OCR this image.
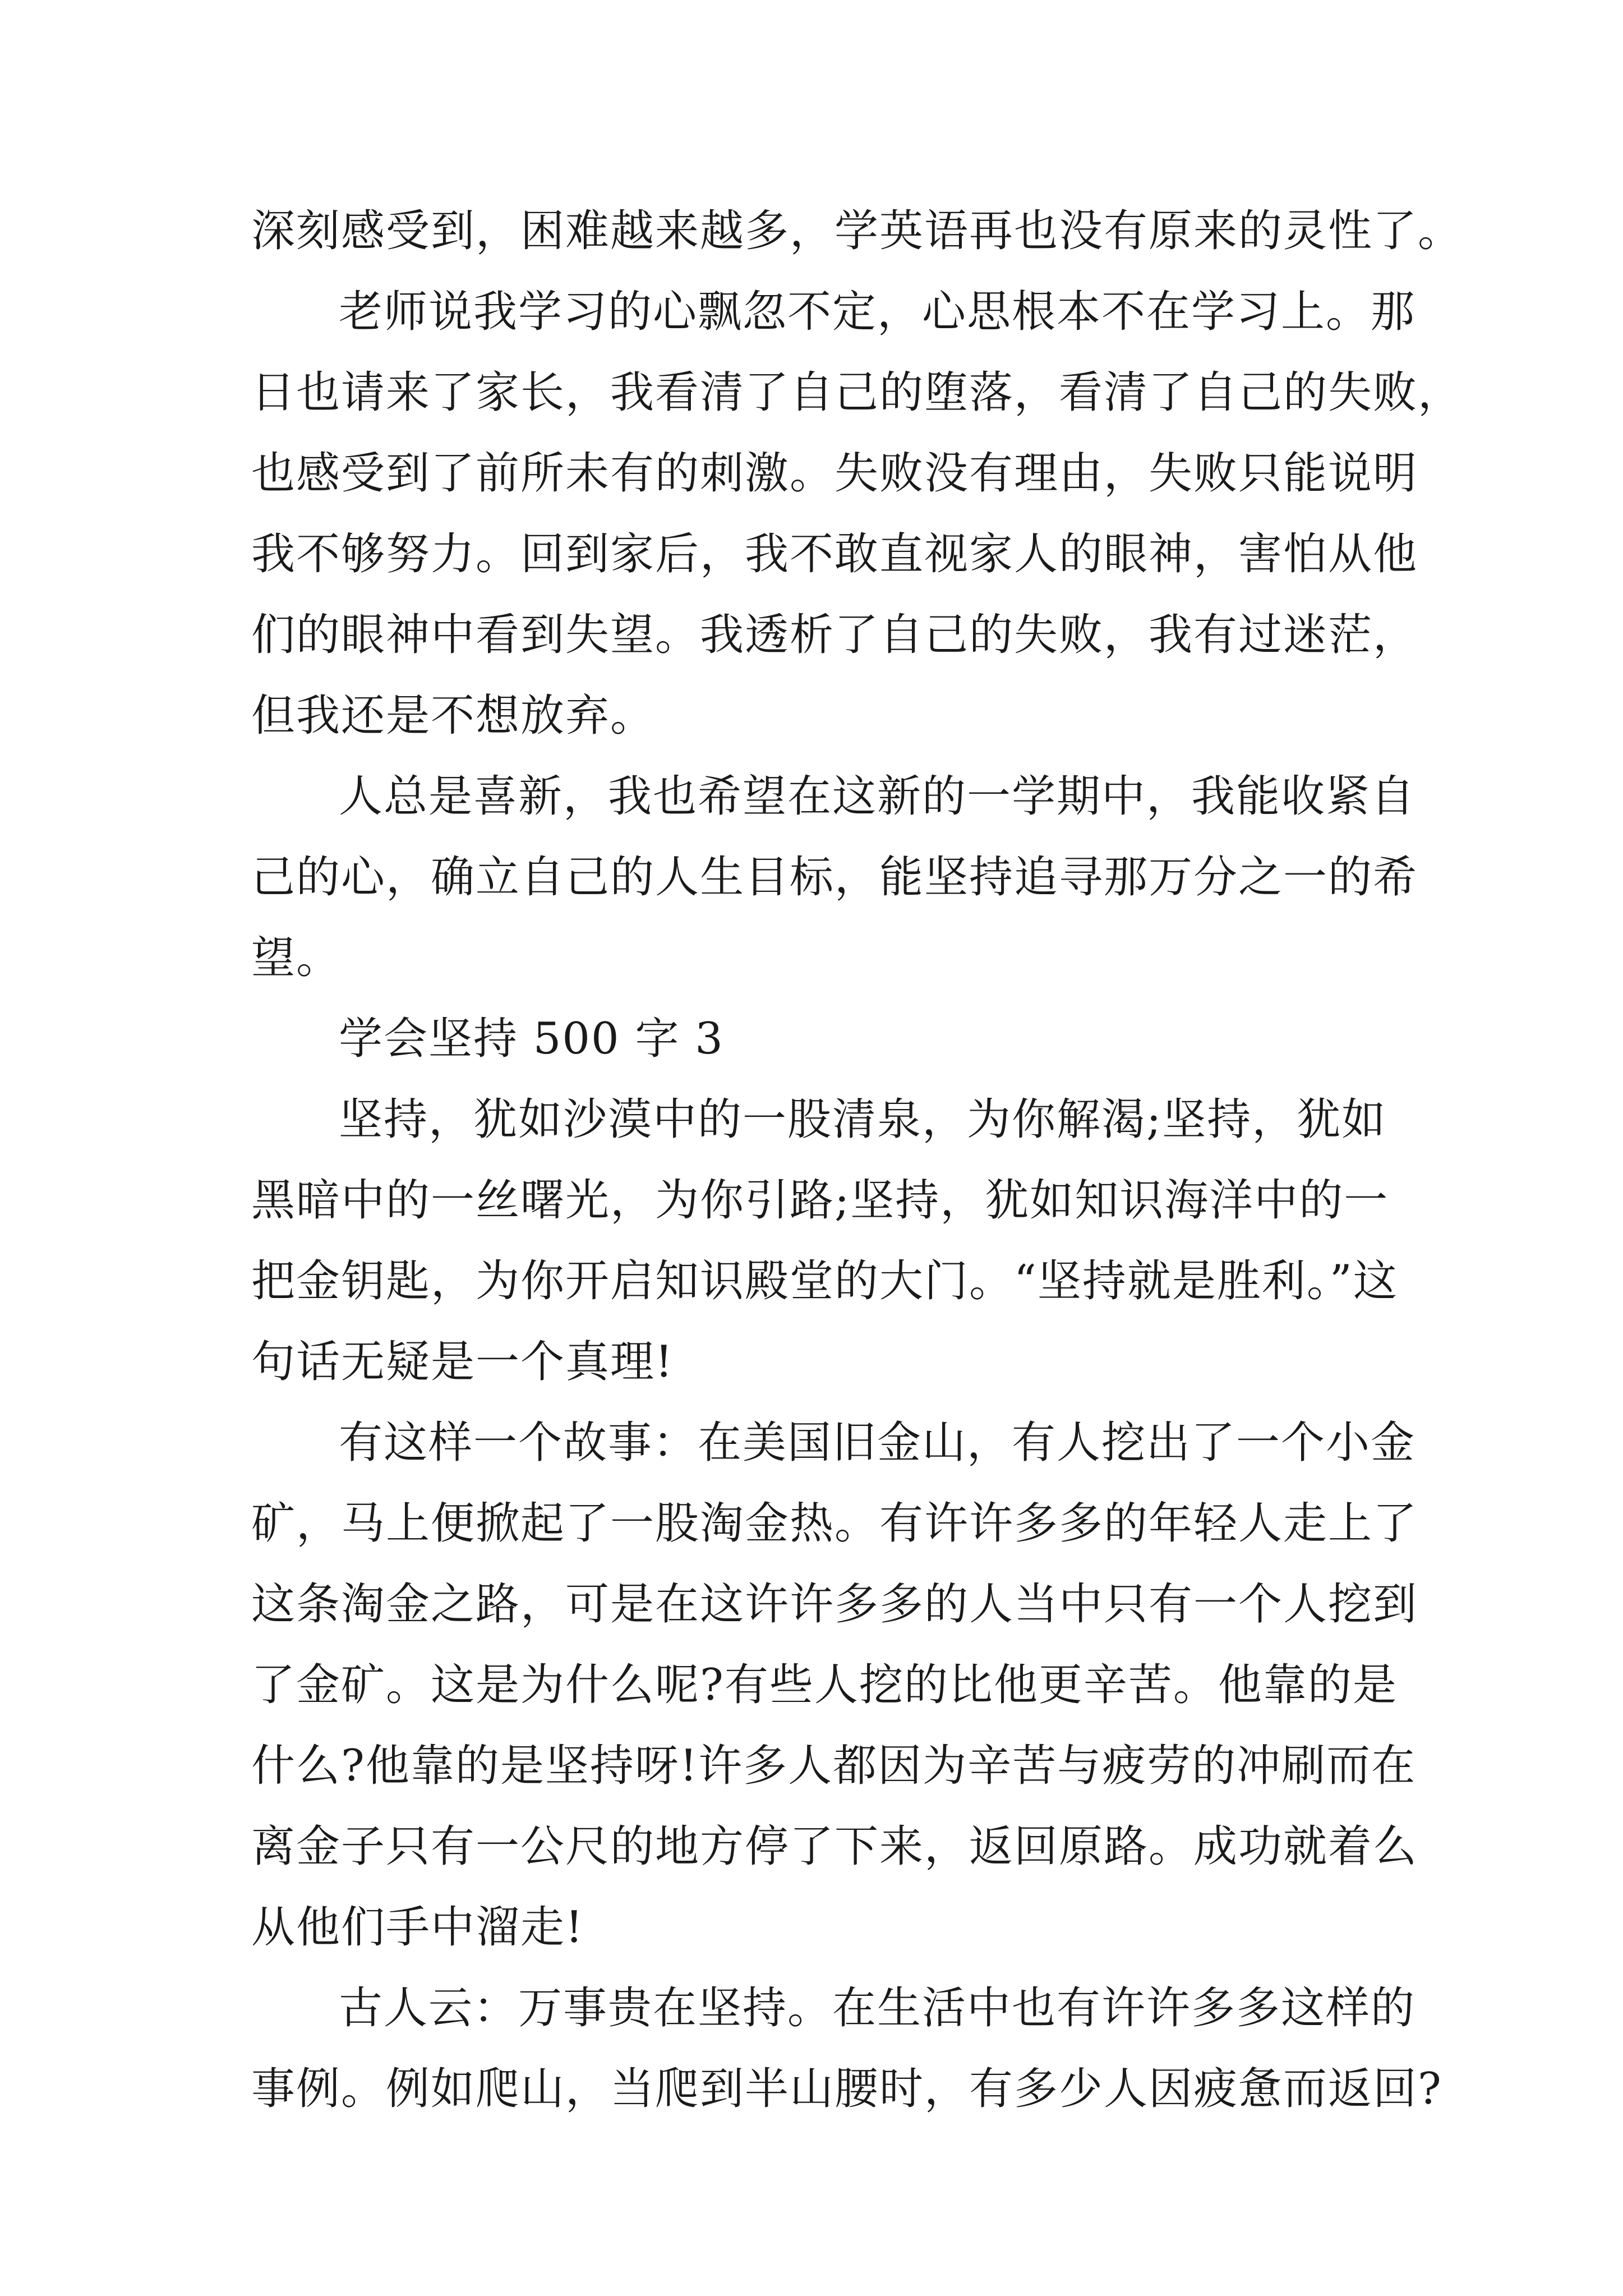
深刻感受到，困难越来越多，学英语再也没有原来的灵性了。
老师说我学习的心飘忽不定，心思根本不在学习上。那
日也请来了家长，我看清了自己的堕落，看清了自己的失败，
也感受到了前所未有的刺激。失败没有理由，失败只能说明
我不够努力。回到家后，我不敢直视家人的眼神，害怕从他
们的眼神中看到失望。我透析了自己的失败，我有过迷茫，
但我还是不想放弃。
人总是喜新，我也希望在这新的一学期中，我能收紧自
己的心，确立自己的人生目标，能坚持追寻那万分之一的希
望。
学会坚持 500 字 3
坚持，犹如沙漠中的一股清泉，为你解渴;坚持，犹如
黑暗中的一丝曙光，为你引路;坚持，犹如知识海洋中的一
把金钥匙，为你开启知识殿堂的大门。“坚持就是胜利。”这
句话无疑是一个真理!
有这样一个故事：在美国旧金山，有人挖出了一个小金
矿，马上便掀起了一股淘金热。有许许多多的年轻人走上了
这条淘金之路，可是在这许许多多的人当中只有一个人挖到
了金矿。这是为什么呢?有些人挖的比他更辛苦。他靠的是
什么?他靠的是坚持呀!许多人都因为辛苦与疲劳的冲刷而在
离金子只有一公尺的地方停了下来，返回原路。成功就着么
从他们手中溜走!
古人云：万事贵在坚持。在生活中也有许许多多这样的
事例。例如爬山，当爬到半山腰时，有多少人因疲惫而返回?
